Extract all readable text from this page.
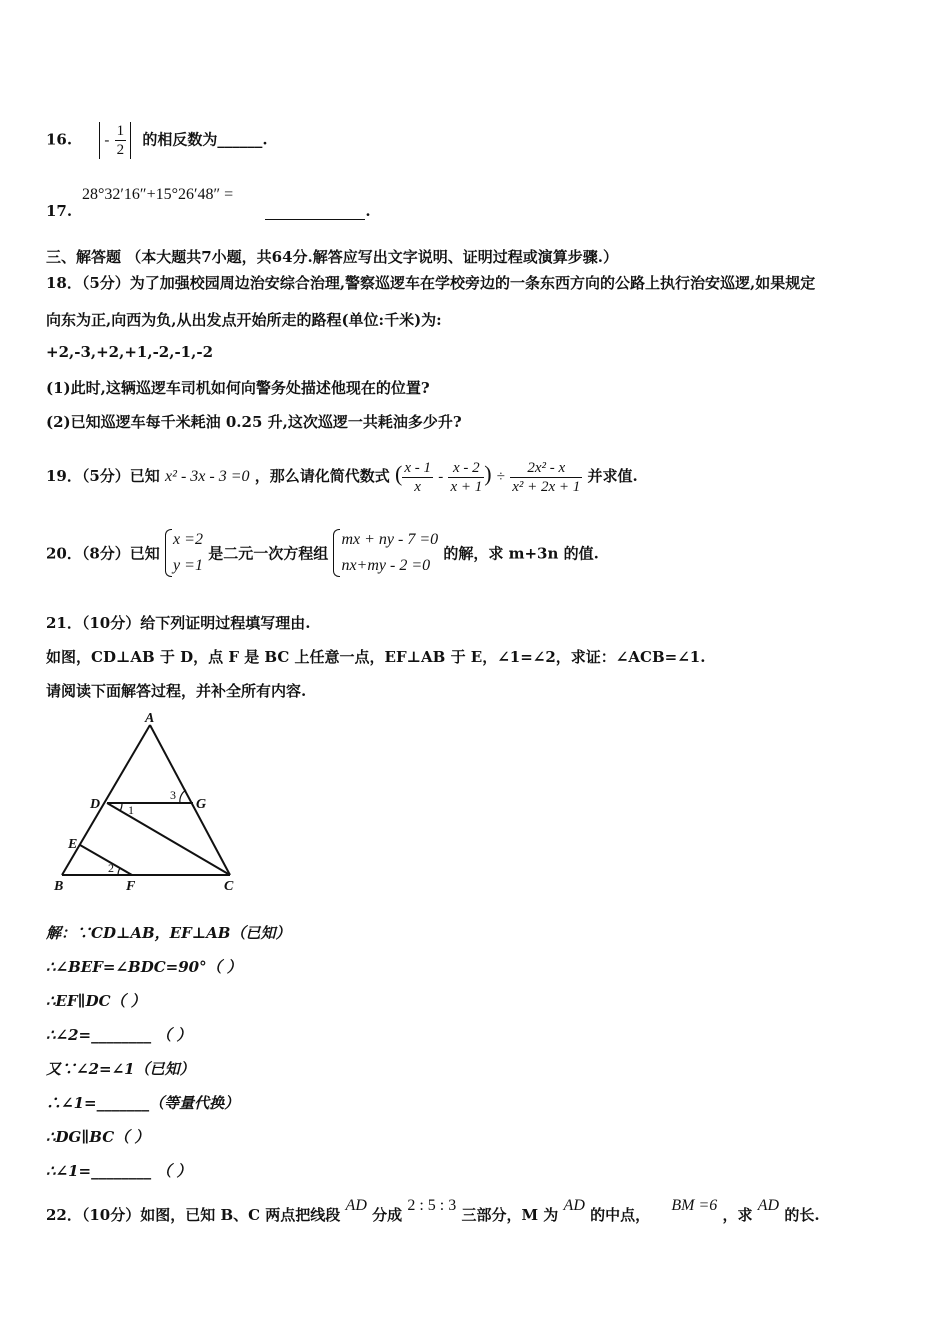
16. - $\frac{1}{2}$ 的相反数为______.
28°32′16″+15°26′48″ =
17.	.
三、解答题 （本大题共7小题，共64分.解答应写出文字说明、证明过程或演算步骤.）
18．（5分）为了加强校园周边治安综合治理,警察巡逻车在学校旁边的一条东西方向的公路上执行治安巡逻,如果规定
向东为正,向西为负,从出发点开始所走的路程(单位:千米)为:
+2,-3,+2,+1,-2,-1,-2
(1)此时,这辆巡逻车司机如何向警务处描述他现在的位置?
(2)已知巡逻车每千米耗油 0.25 升,这次巡逻一共耗油多少升?
19．（5分）已知 x² - 3x - 3 =0 ，那么请化简代数式 ( $\frac{x - 1}{x} - \frac{x - 2}{x + 1}$ ) ÷ $\frac{\text{2x² - x}}{\text{x² + 2x + 1}}$ 并求值.
20．（8分）已知
x =2
y =1
是二元一次方程组
mx + ny - 7 =0
nx+my - 2 =0
的解，求 m+3n 的值.
21．（10分）给下列证明过程填写理由.
如图，CD⊥AB 于 D，点 F 是 BC 上任意一点，EF⊥AB 于 E，∠1=∠2，求证：∠ACB=∠1.
请阅读下面解答过程，并补全所有内容.
A
D	G
E
B	F	C
1
3
2
解：∵CD⊥AB，EF⊥AB（已知）
∴∠BEF=∠BDC=90°（ ）
∴EF∥DC（ ）
∴∠2=________ （ ）
又∵∠2=∠1（已知）
∴∠1=_______（等量代换）
∴DG∥BC（ ）
∴∠1=________ （ ）
22．（10分）如图，已知 B、C 两点把线段 AD 分成 2 : 5 : 3 三部分，M 为 AD 的中点， BM =6 ，求 AD 的长.
